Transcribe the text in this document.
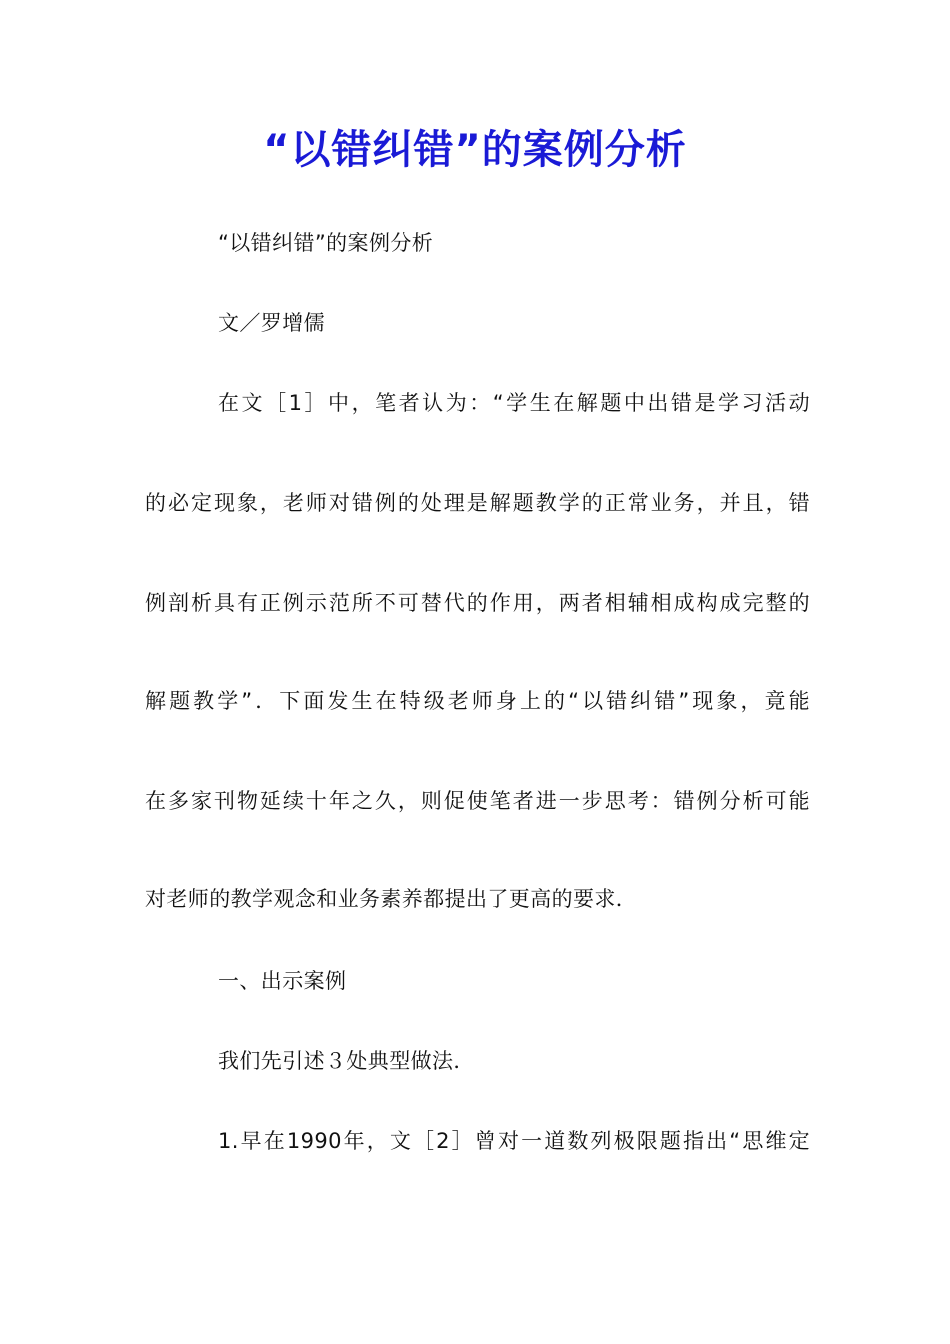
“以错纠错”的案例分析
“以错纠错”的案例分析
文／罗增儒
在文［1］中，笔者认为：“学生在解题中出错是学习活动
的必定现象，老师对错例的处理是解题教学的正常业务，并且，错
例剖析具有正例示范所不可替代的作用，两者相辅相成构成完整的
解题教学”．下面发生在特级老师身上的“以错纠错”现象，竟能
在多家刊物延续十年之久，则促使笔者进一步思考：错例分析可能
对老师的教学观念和业务素养都提出了更高的要求．
一、出示案例
我们先引述３处典型做法．
1.早在1990年，文［2］曾对一道数列极限题指出“思维定
